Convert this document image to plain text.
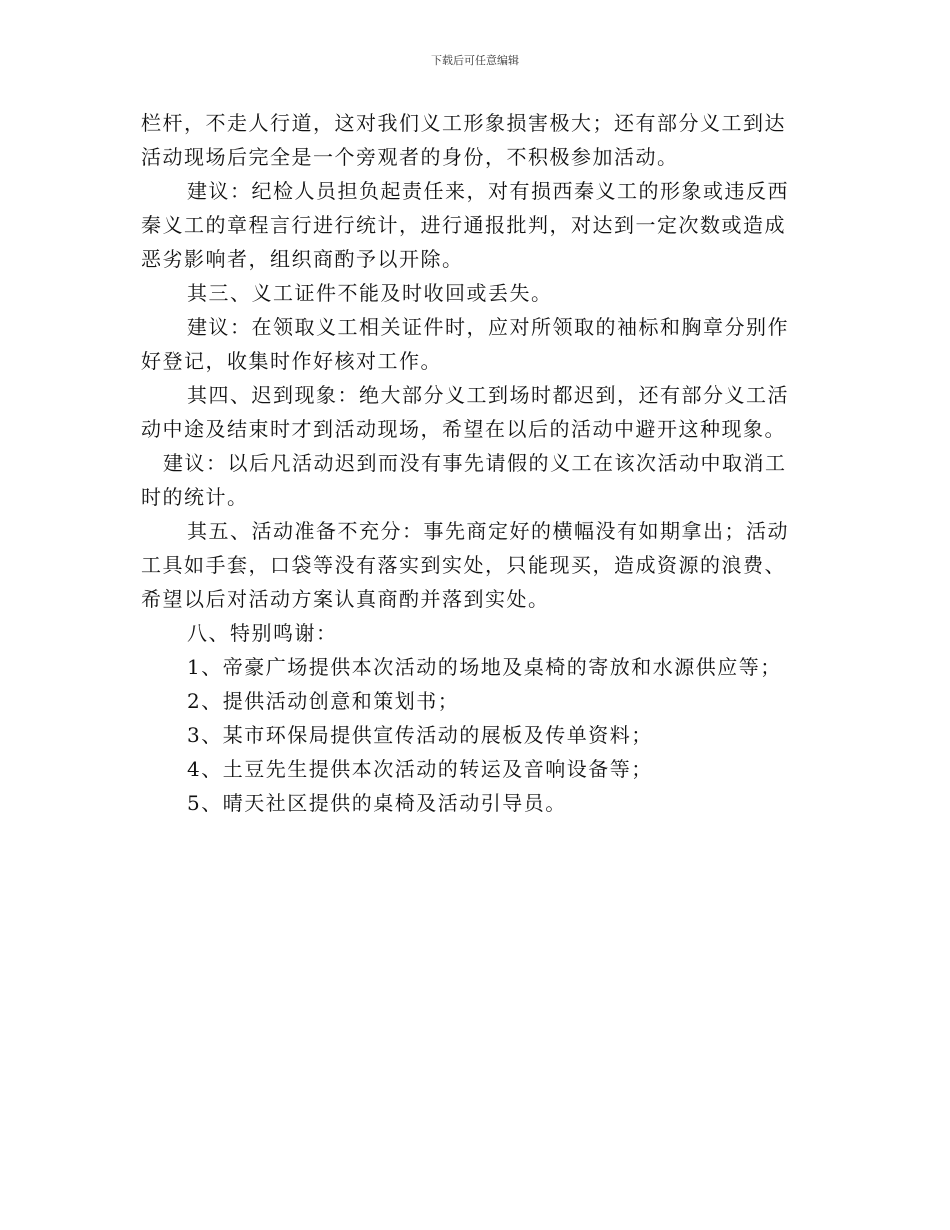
下载后可任意编辑
栏杆，不走人行道，这对我们义工形象损害极大；还有部分义工到达
活动现场后完全是一个旁观者的身份，不积极参加活动。
建议：纪检人员担负起责任来，对有损西秦义工的形象或违反西
秦义工的章程言行进行统计，进行通报批判，对达到一定次数或造成
恶劣影响者，组织商酌予以开除。
其三、义工证件不能及时收回或丢失。
建议：在领取义工相关证件时，应对所领取的袖标和胸章分别作
好登记，收集时作好核对工作。
其四、迟到现象：绝大部分义工到场时都迟到，还有部分义工活
动中途及结束时才到活动现场，希望在以后的活动中避开这种现象。
建议：以后凡活动迟到而没有事先请假的义工在该次活动中取消工
时的统计。
其五、活动准备不充分：事先商定好的横幅没有如期拿出；活动
工具如手套，口袋等没有落实到实处，只能现买，造成资源的浪费、
希望以后对活动方案认真商酌并落到实处。
八、特别鸣谢：
1、帝豪广场提供本次活动的场地及桌椅的寄放和水源供应等；
2、提供活动创意和策划书；
3、某市环保局提供宣传活动的展板及传单资料；
4、土豆先生提供本次活动的转运及音响设备等；
5、晴天社区提供的桌椅及活动引导员。
